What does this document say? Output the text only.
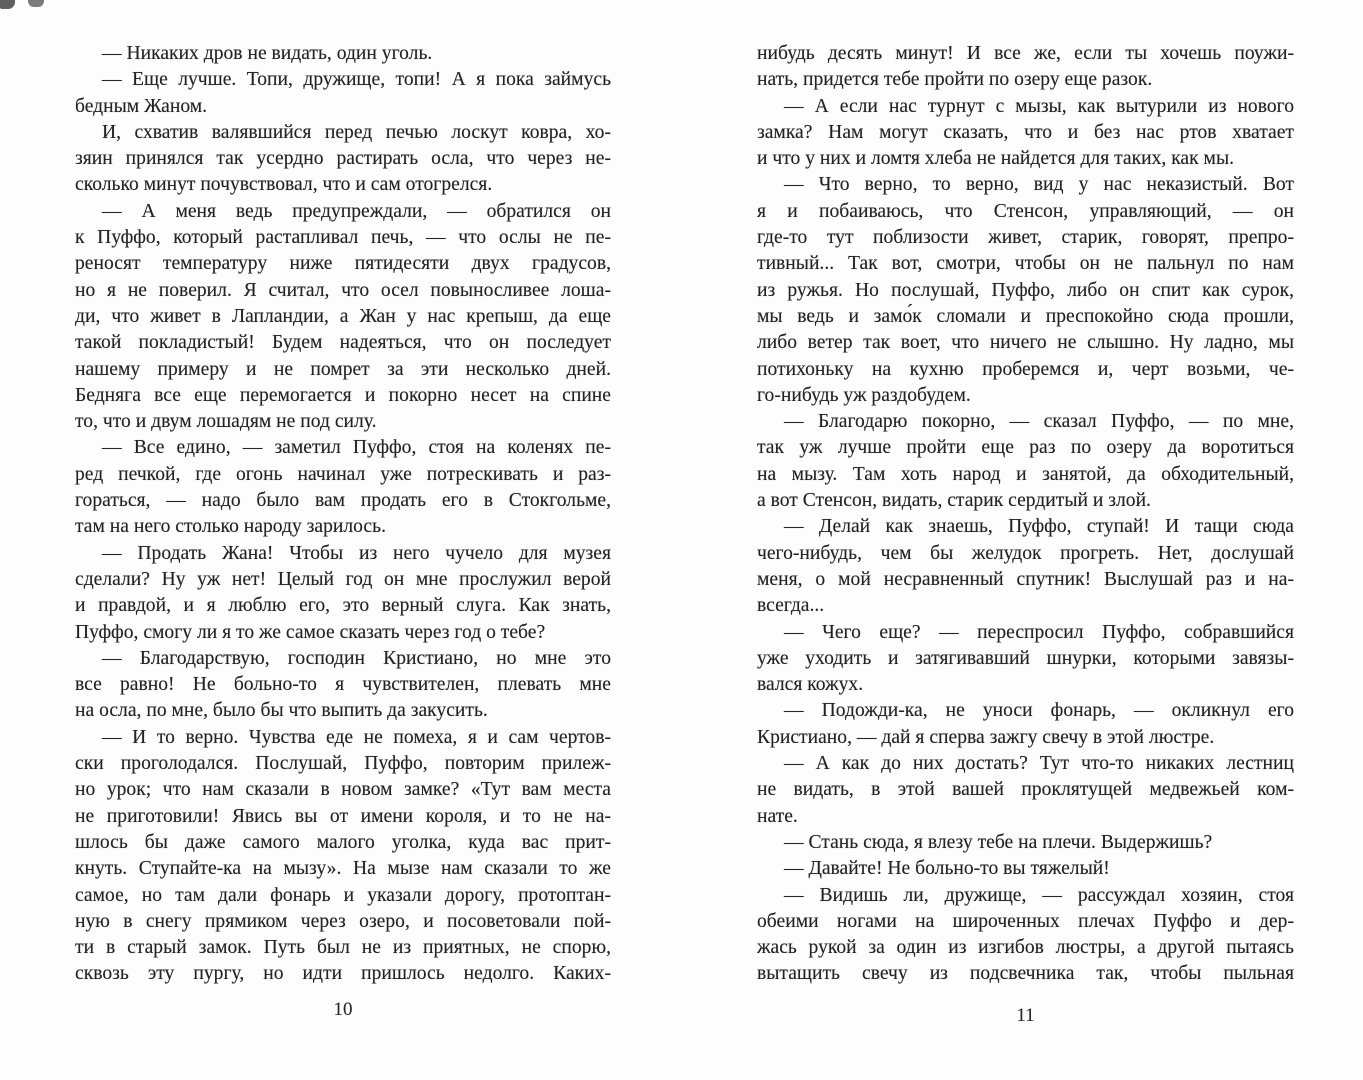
— Никаких дров не видать, один уголь.
— Еще лучше. Топи, дружище, топи! А я пока займусь
бедным Жаном.
И, схватив валявшийся перед печью лоскут ковра, хо-
зяин принялся так усердно растирать осла, что через не-
сколько минут почувствовал, что и сам отогрелся.
— А меня ведь предупреждали, — обратился он
к Пуффо, который растапливал печь, — что ослы не пе-
реносят температуру ниже пятидесяти двух градусов,
но я не поверил. Я считал, что осел повыносливее лоша-
ди, что живет в Лапландии, а Жан у нас крепыш, да еще
такой покладистый! Будем надеяться, что он последует
нашему примеру и не помрет за эти несколько дней.
Бедняга все еще перемогается и покорно несет на спине
то, что и двум лошадям не под силу.
— Все едино, — заметил Пуффо, стоя на коленях пе-
ред печкой, где огонь начинал уже потрескивать и раз-
гораться, — надо было вам продать его в Стокгольме,
там на него столько народу зарилось.
— Продать Жана! Чтобы из него чучело для музея
сделали? Ну уж нет! Целый год он мне прослужил верой
и правдой, и я люблю его, это верный слуга. Как знать,
Пуффо, смогу ли я то же самое сказать через год о тебе?
— Благодарствую, господин Кристиано, но мне это
все равно! Не больно-то я чувствителен, плевать мне
на осла, по мне, было бы что выпить да закусить.
— И то верно. Чувства еде не помеха, я и сам чертов-
ски проголодался. Послушай, Пуффо, повторим прилеж-
но урок; что нам сказали в новом замке? «Тут вам места
не приготовили! Явись вы от имени короля, и то не на-
шлось бы даже самого малого уголка, куда вас прит-
кнуть. Ступайте-ка на мызу». На мызе нам сказали то же
самое, но там дали фонарь и указали дорогу, протоптан-
ную в снегу прямиком через озеро, и посоветовали пой-
ти в старый замок. Путь был не из приятных, не спорю,
сквозь эту пургу, но идти пришлось недолго. Каких-
10
нибудь десять минут! И все же, если ты хочешь поужи-
нать, придется тебе пройти по озеру еще разок.
— А если нас турнут с мызы, как вытурили из нового
замка? Нам могут сказать, что и без нас ртов хватает
и что у них и ломтя хлеба не найдется для таких, как мы.
— Что верно, то верно, вид у нас неказистый. Вот
я и побаиваюсь, что Стенсон, управляющий, — он
где-то тут поблизости живет, старик, говорят, препро-
тивный... Так вот, смотри, чтобы он не пальнул по нам
из ружья. Но послушай, Пуффо, либо он спит как сурок,
мы ведь и замо́к сломали и преспокойно сюда прошли,
либо ветер так воет, что ничего не слышно. Ну ладно, мы
потихоньку на кухню проберемся и, черт возьми, че-
го-нибудь уж раздобудем.
— Благодарю покорно, — сказал Пуффо, — по мне,
так уж лучше пройти еще раз по озеру да воротиться
на мызу. Там хоть народ и занятой, да обходительный,
а вот Стенсон, видать, старик сердитый и злой.
— Делай как знаешь, Пуффо, ступай! И тащи сюда
чего-нибудь, чем бы желудок прогреть. Нет, дослушай
меня, о мой несравненный спутник! Выслушай раз и на-
всегда...
— Чего еще? — переспросил Пуффо, собравшийся
уже уходить и затягивавший шнурки, которыми завязы-
вался кожух.
— Подожди-ка, не уноси фонарь, — окликнул его
Кристиано, — дай я сперва зажгу свечу в этой люстре.
— А как до них достать? Тут что-то никаких лестниц
не видать, в этой вашей проклятущей медвежьей ком-
нате.
— Стань сюда, я влезу тебе на плечи. Выдержишь?
— Давайте! Не больно-то вы тяжелый!
— Видишь ли, дружище, — рассуждал хозяин, стоя
обеими ногами на широченных плечах Пуффо и дер-
жась рукой за один из изгибов люстры, а другой пытаясь
вытащить свечу из подсвечника так, чтобы пыльная
11
